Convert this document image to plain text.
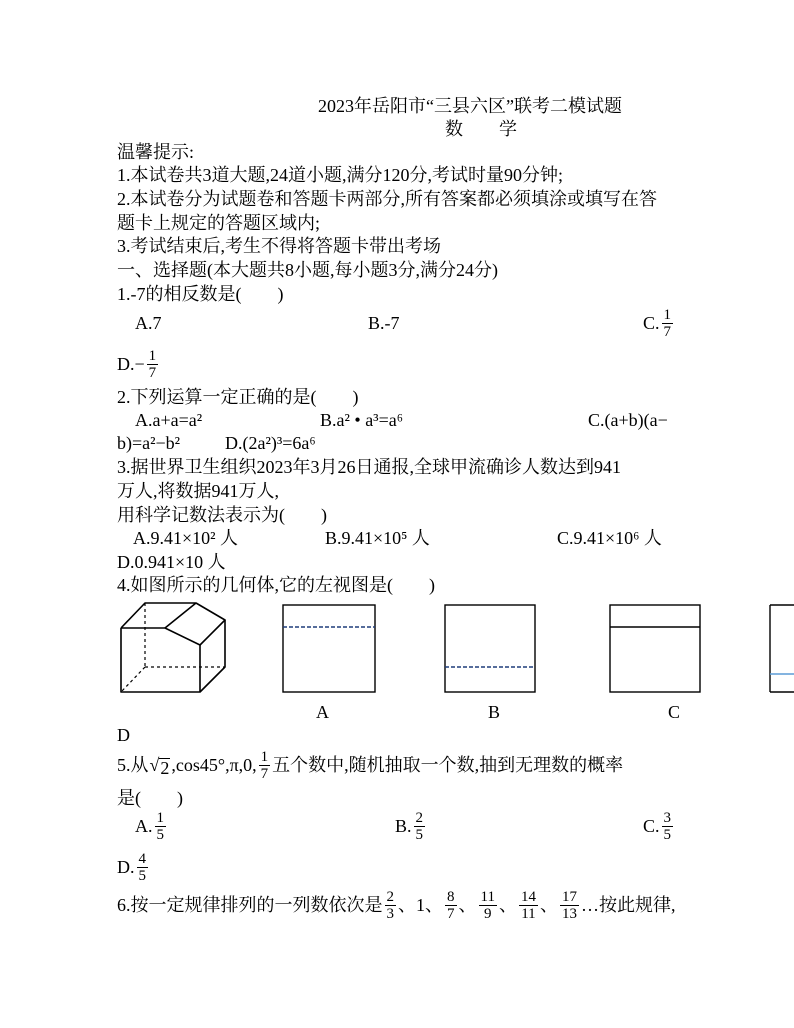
2023年岳阳市“三县六区”联考二模试题
数　　学
温馨提示:
1.本试卷共3道大题,24道小题,满分120分,考试时量90分钟;
2.本试卷分为试题卷和答题卡两部分,所有答案都必须填涂或填写在答
题卡上规定的答题区域内;
3.考试结束后,考生不得将答题卡带出考场
一、选择题(本大题共8小题,每小题3分,满分24分)
1.-7的相反数是(　　)
A.7	B.-7	C. $\frac{1}{7}$
$D.- \frac{1}{7}$
2.下列运算一定正确的是(　　)
A.a+a=a²	B.a² • a³=a⁶	C.(a+b)(a−
b)=a²−b² D.(2a²)³=6a⁶
3.据世界卫生组织2023年3月26日通报,全球甲流确诊人数达到941
万人,将数据941万人,
用科学记数法表示为(　　)
A.9.41×10² 人	B.9.41×10⁵ 人	C.9.41×10⁶ 人
D.0.941×10 人
4.如图所示的几何体,它的左视图是(　　)
A	B	C
D
5.从 √ 2 ,cos45°,π,0, $\frac{1}{7}$ 五个数中,随机抽取一个数,抽到无理数的概率
是(　　)
A. $\frac{1}{5}$	B. $\frac{2}{5}$	C. $\frac{3}{5}$
D. $\frac{4}{5}$
6.按一定规律排列的一列数依次是 $\frac{2}{3}$ 、1、 $\frac{8}{7}$ 、 $\frac{11}{9}$ 、 $\frac{14}{11}$ 、 $\frac{17}{13}$ …按此规律,
